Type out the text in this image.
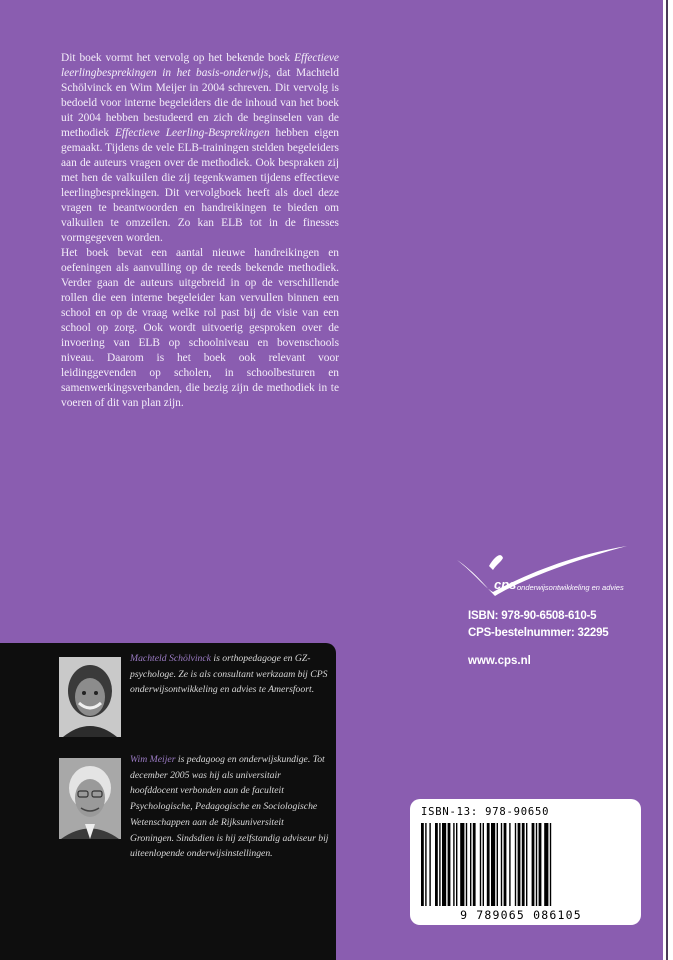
Dit boek vormt het vervolg op het bekende boek Effectieve leerlingbesprekingen in het basis-onderwijs, dat Machteld Schölvinck en Wim Meijer in 2004 schreven. Dit vervolg is bedoeld voor interne begeleiders die de inhoud van het boek uit 2004 hebben bestudeerd en zich de beginselen van de methodiek Effectieve Leerling-Besprekingen hebben eigen gemaakt. Tijdens de vele ELB-trainingen stelden begeleiders aan de auteurs vragen over de methodiek. Ook bespraken zij met hen de valkuilen die zij tegenkwamen tijdens effectieve leerlingbesprekingen. Dit vervolgboek heeft als doel deze vragen te beantwoorden en handreikingen te bieden om valkuilen te omzeilen. Zo kan ELB tot in de finesses vormgegeven worden.

Het boek bevat een aantal nieuwe handreikingen en oefeningen als aanvulling op de reeds bekende methodiek. Verder gaan de auteurs uitgebreid in op de verschillende rollen die een interne begeleider kan vervullen binnen een school en op de vraag welke rol past bij de visie van een school op zorg. Ook wordt uitvoerig gesproken over de invoering van ELB op schoolniveau en bovenschools niveau. Daarom is het boek ook relevant voor leidinggevenden op scholen, in schoolbesturen en samenwerkingsverbanden, die bezig zijn de methodiek in te voeren of dit van plan zijn.

cps onderwijsontwikkeling en advies
ISBN: 978-90-6508-610-5
CPS-bestelnummer: 32295
www.cps.nl

Machteld Schölvinck is orthopedagoge en GZ-psychologe. Ze is als consultant werkzaam bij CPS onderwijsontwikkeling en advies te Amersfoort.

Wim Meijer is pedagoog en onderwijskundige. Tot december 2005 was hij als universitair hoofddocent verbonden aan de faculteit Psychologische, Pedagogische en Sociologische Wetenschappen aan de Rijksuniversiteit Groningen. Sindsdien is hij zelfstandig adviseur bij uiteenlopende onderwijsinstellingen.

ISBN-13: 978-90650
9 789065 086105
